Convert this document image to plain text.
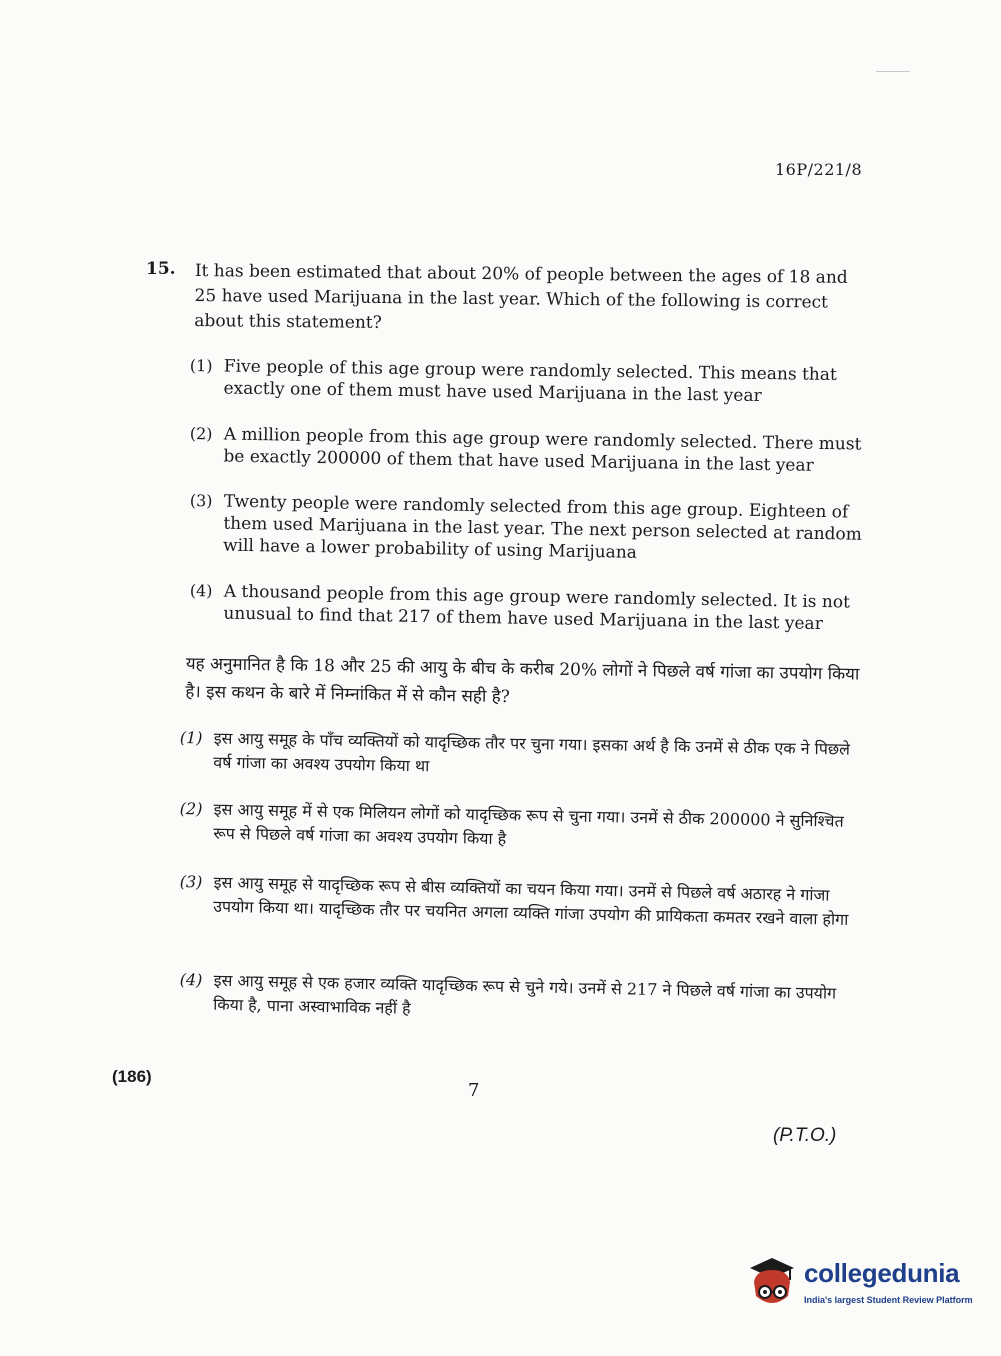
16P/221/8
15. It has been estimated that about 20% of people between the ages of 18 and 25 have used Marijuana in the last year. Which of the following is correct about this statement?
(1) Five people of this age group were randomly selected. This means that exactly one of them must have used Marijuana in the last year
(2) A million people from this age group were randomly selected. There must be exactly 200000 of them that have used Marijuana in the last year
(3) Twenty people were randomly selected from this age group. Eighteen of them used Marijuana in the last year. The next person selected at random will have a lower probability of using Marijuana
(4) A thousand people from this age group were randomly selected. It is not unusual to find that 217 of them have used Marijuana in the last year
यह अनुमानित है कि 18 और 25 की आयु के बीच के करीब 20% लोगों ने पिछले वर्ष गांजा का उपयोग किया है। इस कथन के बारे में निम्नांकित में से कौन सही है?
(1) इस आयु समूह के पाँच व्यक्तियों को यादृच्छिक तौर पर चुना गया। इसका अर्थ है कि उनमें से ठीक एक ने पिछले वर्ष गांजा का अवश्य उपयोग किया था
(2) इस आयु समूह में से एक मिलियन लोगों को यादृच्छिक रूप से चुना गया। उनमें से ठीक 200000 ने सुनिश्चित रूप से पिछले वर्ष गांजा का अवश्य उपयोग किया है
(3) इस आयु समूह से यादृच्छिक रूप से बीस व्यक्तियों का चयन किया गया। उनमें से पिछले वर्ष अठारह ने गांजा उपयोग किया था। यादृच्छिक तौर पर चयनित अगला व्यक्ति गांजा उपयोग की प्रायिकता कमतर रखने वाला होगा
(4) इस आयु समूह से एक हजार व्यक्ति यादृच्छिक रूप से चुने गये। उनमें से 217 ने पिछले वर्ष गांजा का उपयोग किया है, पाना अस्वाभाविक नहीं है
(186)
7
(P.T.O.)
collegedunia
India's largest Student Review Platform
